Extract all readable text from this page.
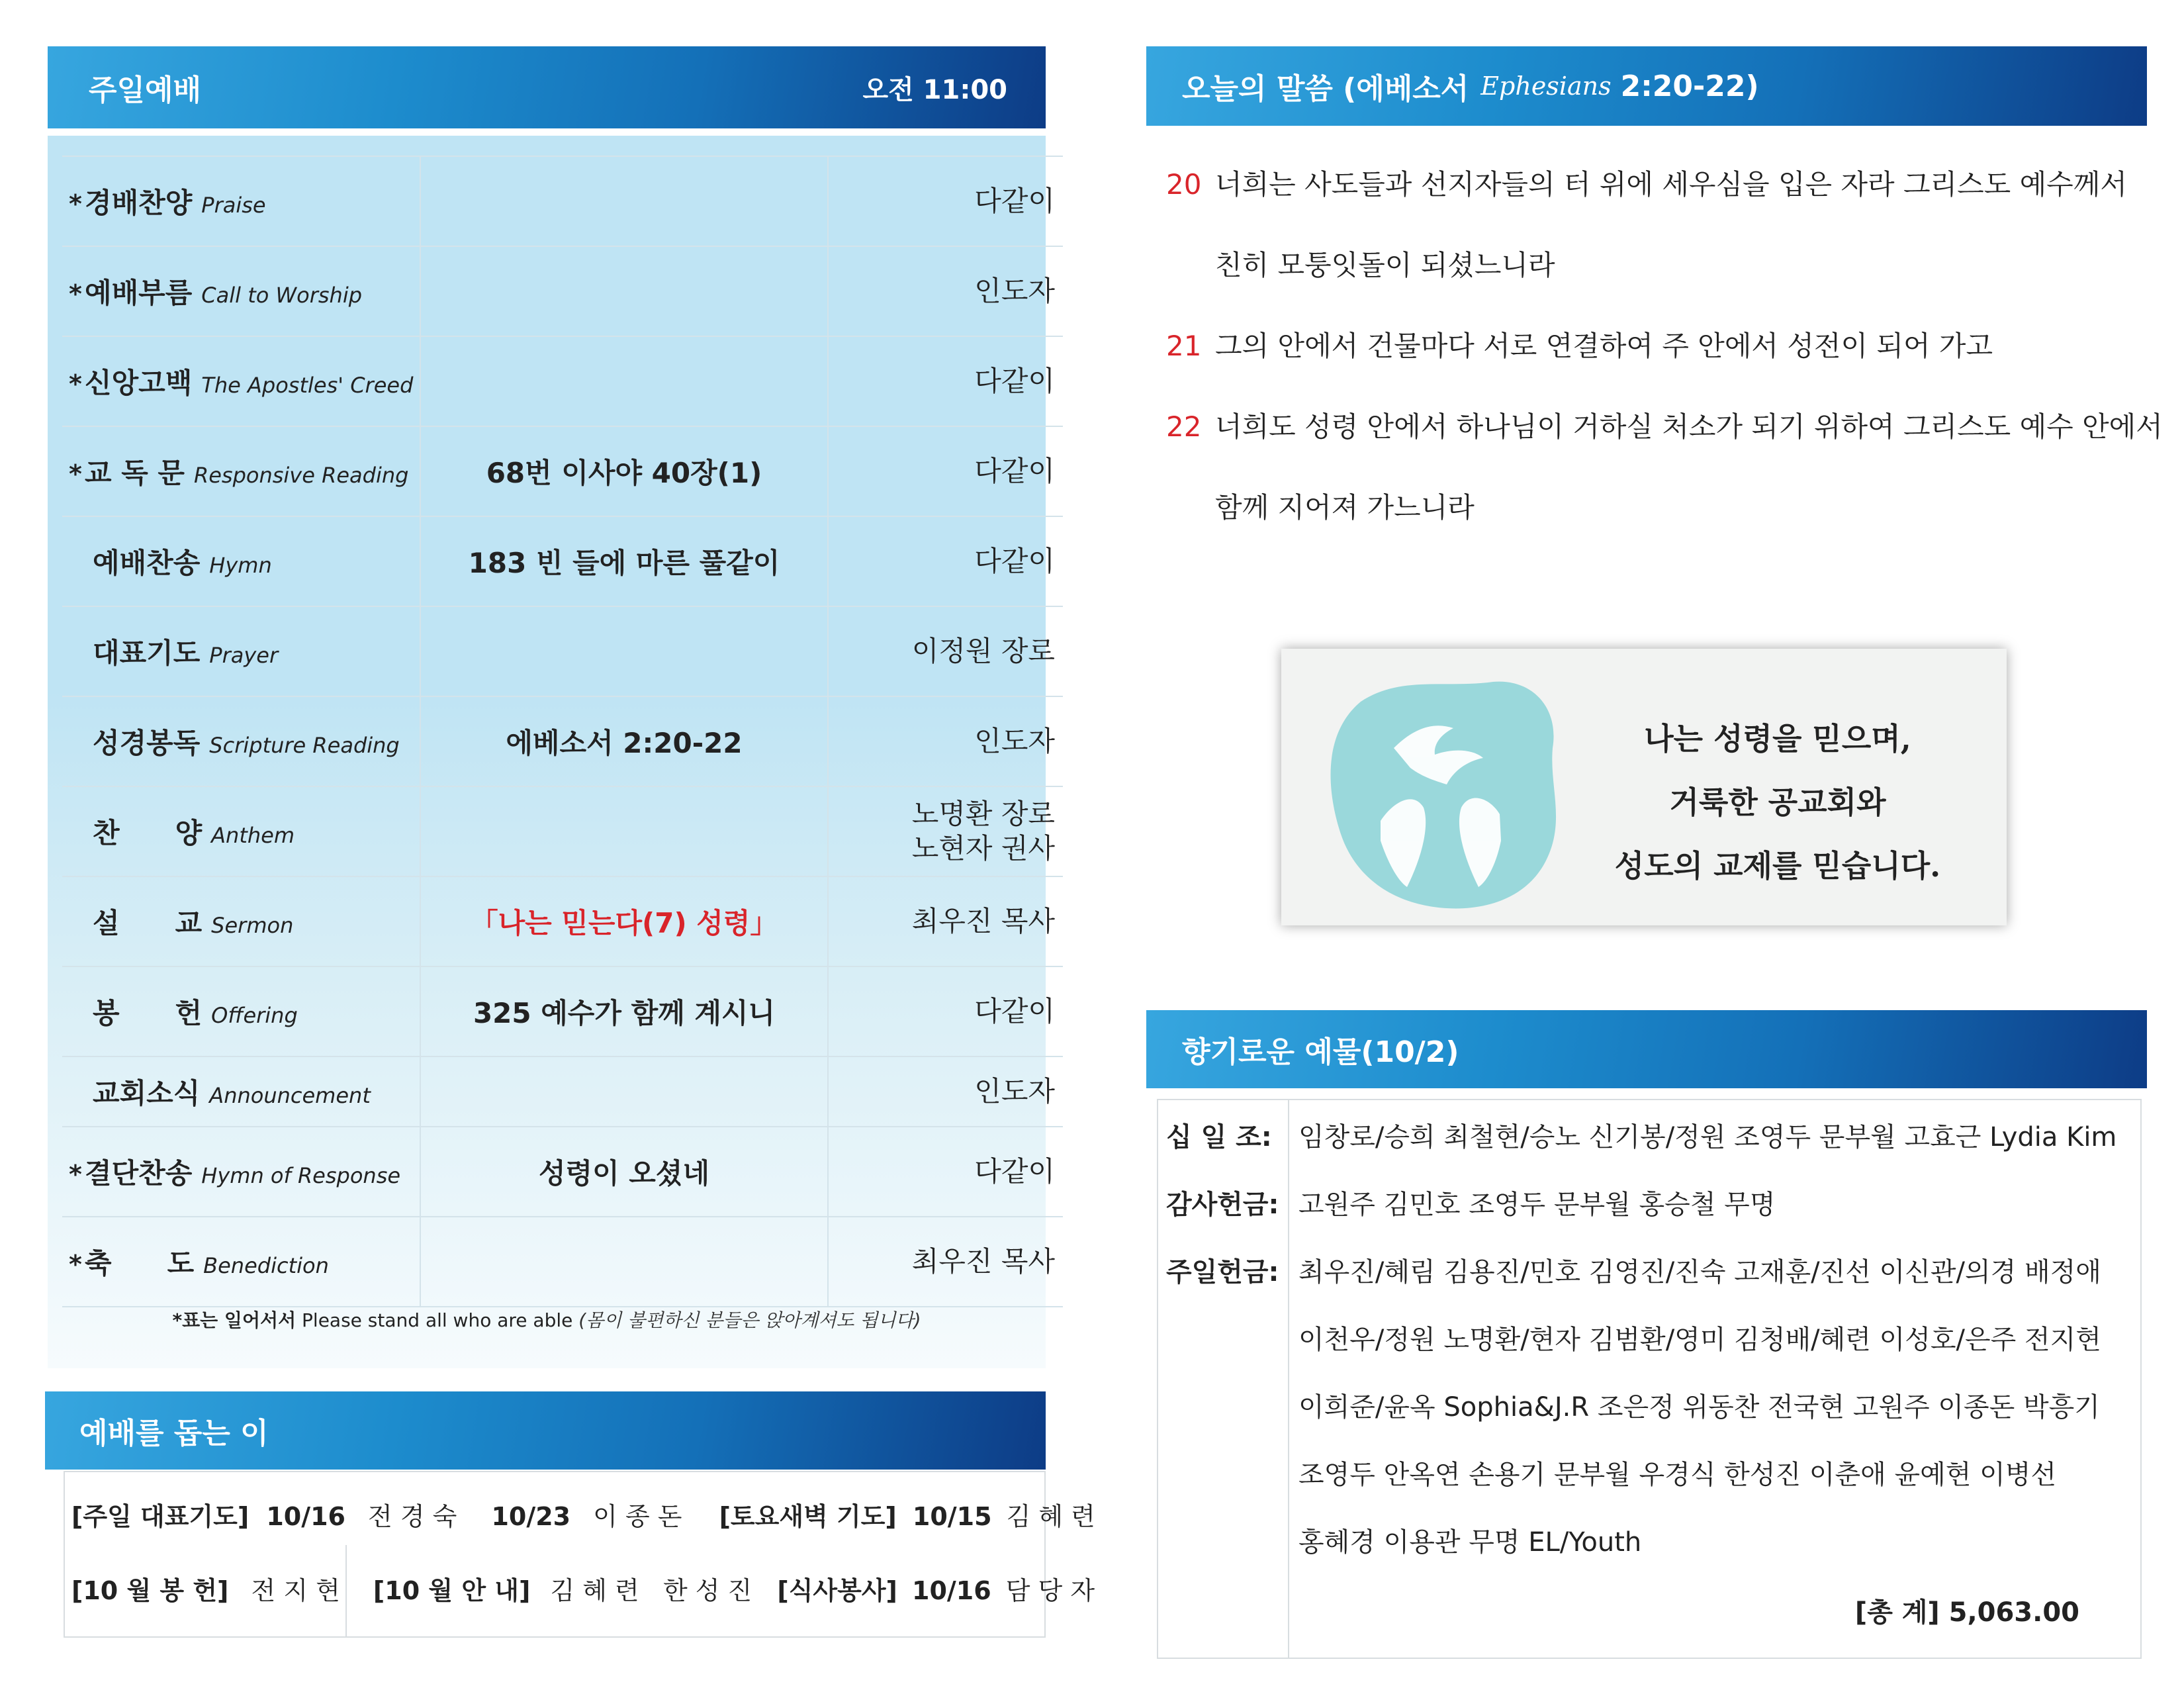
주일예배	오전 11:00
*경배찬양 Praise		다같이

*예배부름 Call to Worship		인도자

*신앙고백 The Apostles' Creed		다같이

*교 독 문 Responsive Reading	68번 이사야 40장(1)	다같이

예배찬송 Hymn	183 빈 들에 마른 풀같이	다같이

대표기도 Prayer		이정원 장로

성경봉독 Scripture Reading	에베소서 2:20-22	인도자

찬　　양 Anthem		노명환 장로
노현자 권사

설　　교 Sermon	「나는 믿는다(7) 성령」	최우진 목사

봉　　헌 Offering	325 예수가 함께 계시니	다같이

교회소식 Announcement		인도자

*결단찬송 Hymn of Response	성령이 오셨네	다같이

*축　　도 Benediction		최우진 목사
*표는 일어서서 Please stand all who are able (몸이 불편하신 분들은 앉아계셔도 됩니다)
예배를 돕는 이
[주일 대표기도] 10/16 전 경 숙 10/23 이 종 돈 [토요새벽 기도] 10/15 김 혜 련
[10 월 봉 헌] 전 지 현 [10 월 안 내] 김 혜 련   한 성 진 [식사봉사] 10/16 담 당 자
오늘의 말씀 (에베소서 Ephesians 2:20-22)
20 너희는 사도들과 선지자들의 터 위에 세우심을 입은 자라 그리스도 예수께서
친히 모퉁잇돌이 되셨느니라
21 그의 안에서 건물마다 서로 연결하여 주 안에서 성전이 되어 가고
22 너희도 성령 안에서 하나님이 거하실 처소가 되기 위하여 그리스도 예수 안에서
함께 지어져 가느니라
나는 성령을 믿으며,
거룩한 공교회와
성도의 교제를 믿습니다.
향기로운 예물(10/2)
십 일 조: 임창로/승희 최철현/승노 신기봉/정원 조영두 문부월 고효근 Lydia Kim
감사헌금: 고원주 김민호 조영두 문부월 홍승철 무명
주일헌금: 최우진/혜림 김용진/민호 김영진/진숙 고재훈/진선 이신관/의경 배정애
이천우/정원 노명환/현자 김범환/영미 김청배/혜련 이성호/은주 전지현
이희준/윤옥 Sophia&J.R 조은정 위동찬 전국현 고원주 이종돈 박흥기
조영두 안옥연 손용기 문부월 우경식 한성진 이춘애 윤예현 이병선
홍혜경 이용관 무명 EL/Youth
[총 계] 5,063.00
